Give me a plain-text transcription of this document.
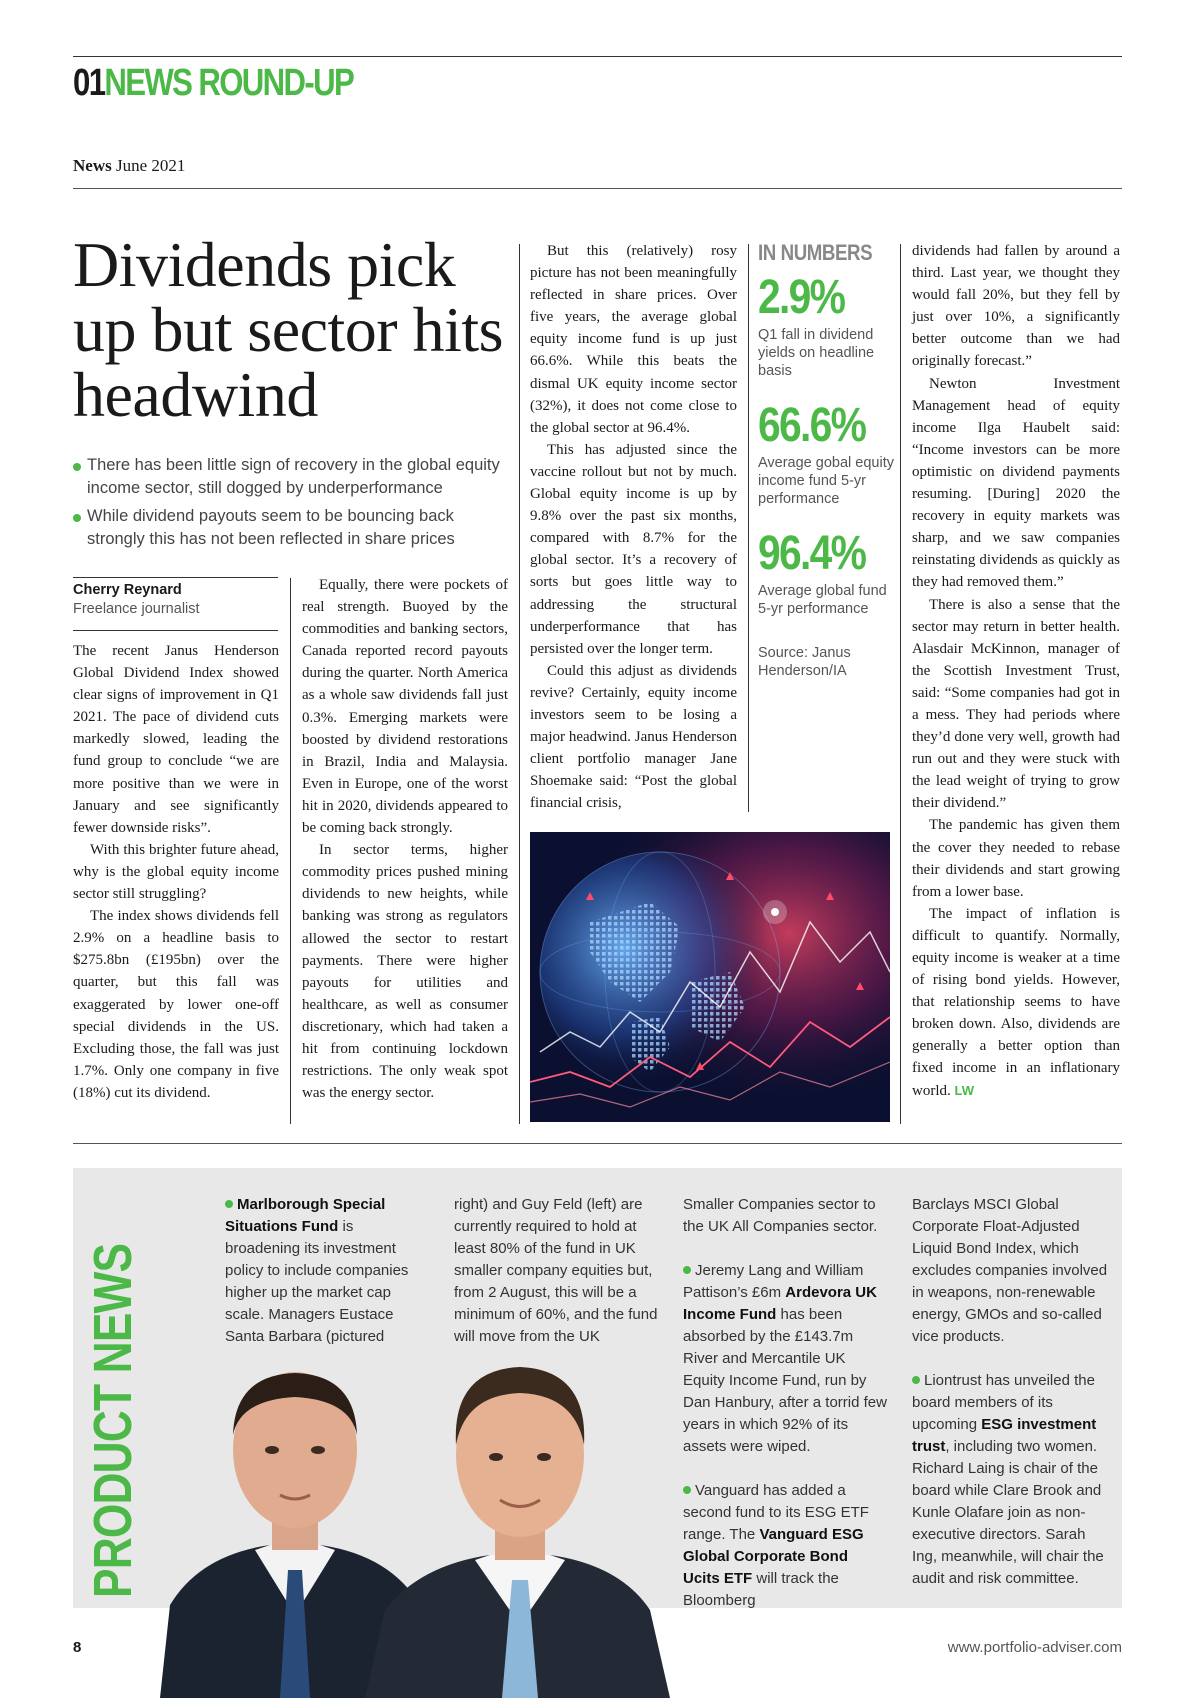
01NEWS ROUND-UP
News June 2021
Dividends pick up but sector hits headwind
There has been little sign of recovery in the global equity income sector, still dogged by underperformance
While dividend payouts seem to be bouncing back strongly this has not been reflected in share prices
Cherry Reynard
Freelance journalist

The recent Janus Henderson Global Dividend Index showed clear signs of improvement in Q1 2021. The pace of dividend cuts markedly slowed, leading the fund group to conclude “we are more positive than we were in January and see significantly fewer downside risks”.

With this brighter future ahead, why is the global equity income sector still struggling?

The index shows dividends fell 2.9% on a headline basis to $275.8bn (£195bn) over the quarter, but this fall was exaggerated by lower one-off special dividends in the US. Excluding those, the fall was just 1.7%. Only one company in five (18%) cut its dividend.

Equally, there were pockets of real strength. Buoyed by the commodities and banking sectors, Canada reported record payouts during the quarter. North America as a whole saw dividends fall just 0.3%. Emerging markets were boosted by dividend restorations in Brazil, India and Malaysia. Even in Europe, one of the worst hit in 2020, dividends appeared to be coming back strongly.

In sector terms, higher commodity prices pushed mining dividends to new heights, while banking was strong as regulators allowed the sector to restart payments. There were higher payouts for utilities and healthcare, as well as consumer discretionary, which had taken a hit from continuing lockdown restrictions. The only weak spot was the energy sector.

But this (relatively) rosy picture has not been meaningfully reflected in share prices. Over five years, the average global equity income fund is up just 66.6%. While this beats the dismal UK equity income sector (32%), it does not come close to the global sector at 96.4%.

This has adjusted since the vaccine rollout but not by much. Global equity income is up by 9.8% over the past six months, compared with 8.7% for the global sector. It’s a recovery of sorts but goes little way to addressing the structural underperformance that has persisted over the longer term.

Could this adjust as dividends revive? Certainly, equity income investors seem to be losing a major headwind. Janus Henderson client portfolio manager Jane Shoemake said: “Post the global financial crisis,

IN NUMBERS
2.9%
Q1 fall in dividend yields on headline basis
66.6%
Average gobal equity income fund 5-yr performance
96.4%
Average global fund 5-yr performance
Source: Janus Henderson/IA

dividends had fallen by around a third. Last year, we thought they would fall 20%, but they fell by just over 10%, a significantly better outcome than we had originally forecast.”

Newton Investment Management head of equity income Ilga Haubelt said: “Income investors can be more optimistic on dividend payments resuming. [During] 2020 the recovery in equity markets was sharp, and we saw companies reinstating dividends as quickly as they had removed them.”

There is also a sense that the sector may return in better health. Alasdair McKinnon, manager of the Scottish Investment Trust, said: “Some companies had got in a mess. They had periods where they’d done very well, growth had run out and they were stuck with the lead weight of trying to grow their dividend.”

The pandemic has given them the cover they needed to rebase their dividends and start growing from a lower base.

The impact of inflation is difficult to quantify. Normally, equity income is weaker at a time of rising bond yields. However, that relationship seems to have broken down. Also, dividends are generally a better option than fixed income in an inflationary world. LW

PRODUCT NEWS
Marlborough Special Situations Fund is broadening its investment policy to include companies higher up the market cap scale. Managers Eustace Santa Barbara (pictured
right) and Guy Feld (left) are currently required to hold at least 80% of the fund in UK smaller company equities but, from 2 August, this will be a minimum of 60%, and the fund will move from the UK
Smaller Companies sector to the UK All Companies sector.
Jeremy Lang and William Pattison’s £6m Ardevora UK Income Fund has been absorbed by the £143.7m River and Mercantile UK Equity Income Fund, run by Dan Hanbury, after a torrid few years in which 92% of its assets were wiped.
Vanguard has added a second fund to its ESG ETF range. The Vanguard ESG Global Corporate Bond Ucits ETF will track the Bloomberg
Barclays MSCI Global Corporate Float-Adjusted Liquid Bond Index, which excludes companies involved in weapons, non-renewable energy, GMOs and so-called vice products.
Liontrust has unveiled the board members of its upcoming ESG investment trust, including two women. Richard Laing is chair of the board while Clare Brook and Kunle Olafare join as non-executive directors. Sarah Ing, meanwhile, will chair the audit and risk committee.
8	www.portfolio-adviser.com
